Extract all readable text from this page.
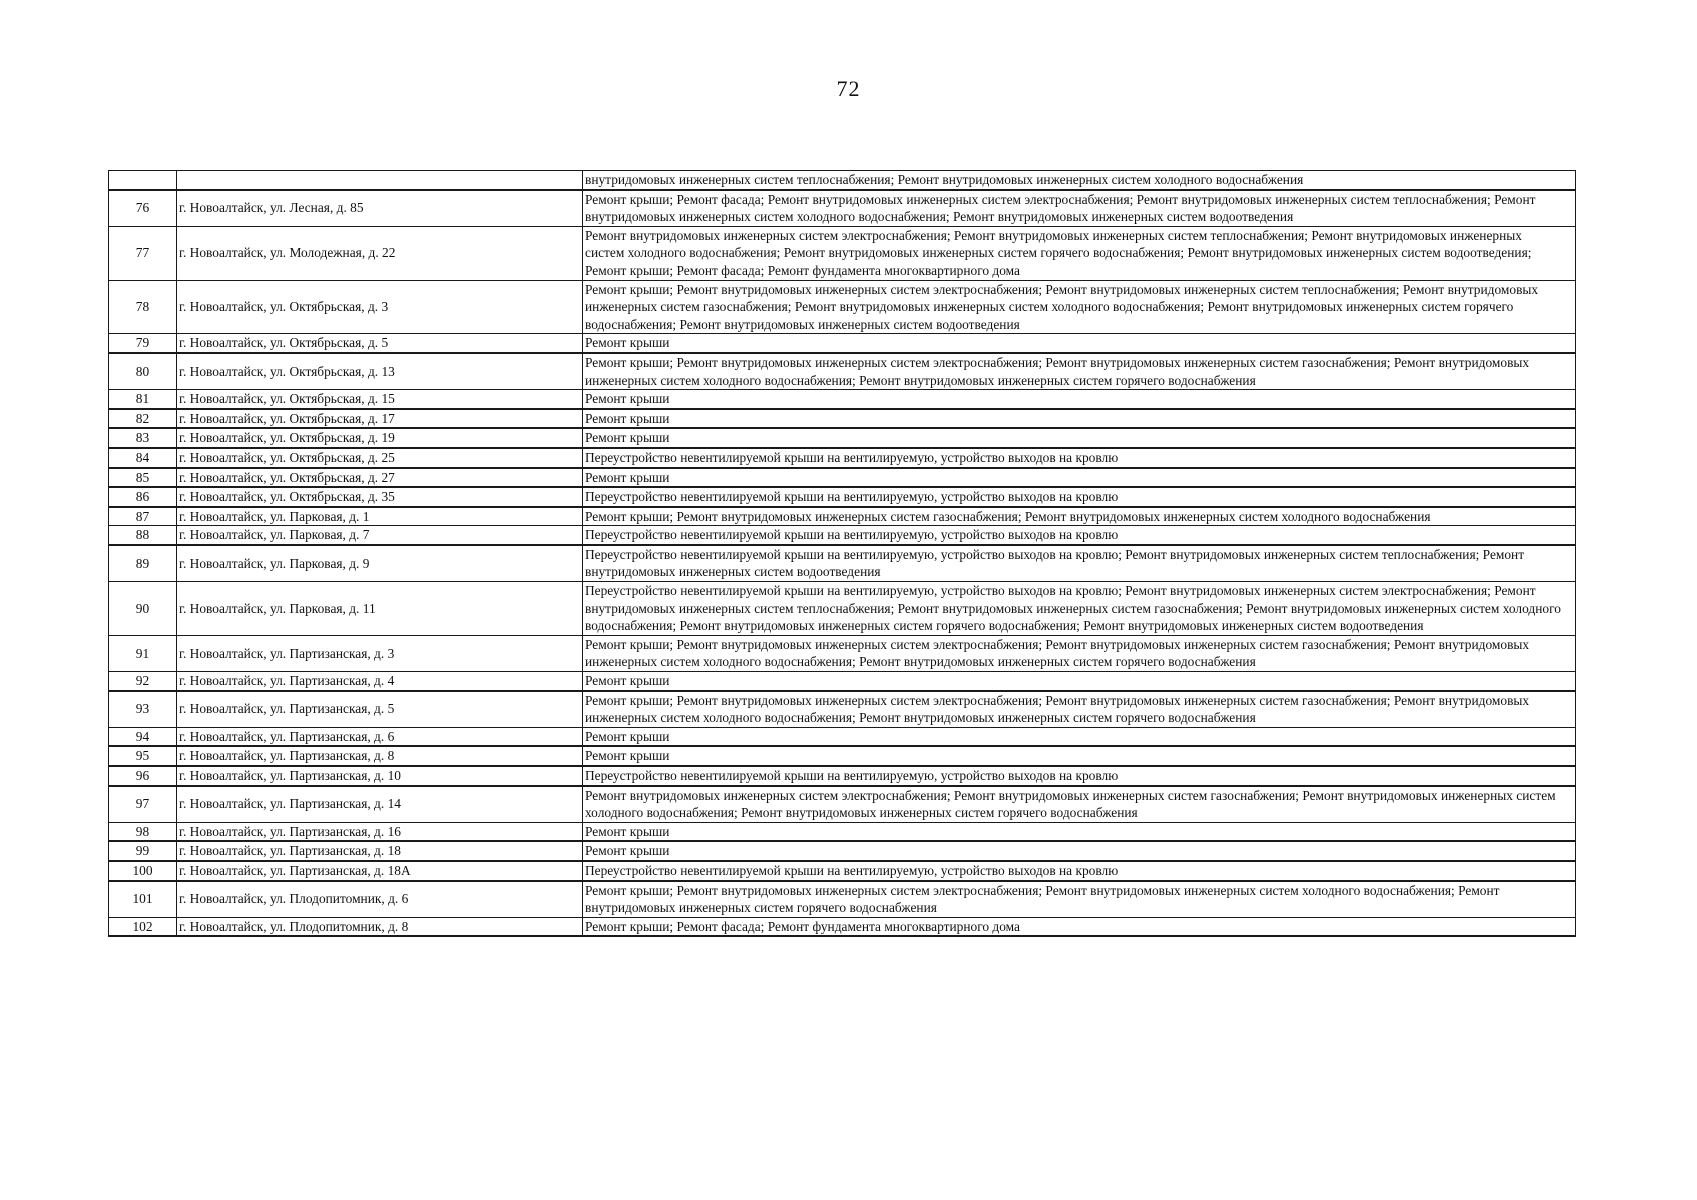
72
		внутридомовых инженерных систем теплоснабжения; Ремонт внутридомовых инженерных систем холодного водоснабжения
76	г. Новоалтайск, ул. Лесная, д. 85	Ремонт крыши; Ремонт фасада; Ремонт внутридомовых инженерных систем электроснабжения; Ремонт внутридомовых инженерных систем теплоснабжения; Ремонт внутридомовых инженерных систем холодного водоснабжения; Ремонт внутридомовых инженерных систем водоотведения
77	г. Новоалтайск, ул. Молодежная, д. 22	Ремонт внутридомовых инженерных систем электроснабжения; Ремонт внутридомовых инженерных систем теплоснабжения; Ремонт внутридомовых инженерных систем холодного водоснабжения; Ремонт внутридомовых инженерных систем горячего водоснабжения; Ремонт внутридомовых инженерных систем водоотведения; Ремонт крыши; Ремонт фасада; Ремонт фундамента многоквартирного дома
78	г. Новоалтайск, ул. Октябрьская, д. 3	Ремонт крыши; Ремонт внутридомовых инженерных систем электроснабжения; Ремонт внутридомовых инженерных систем теплоснабжения; Ремонт внутридомовых инженерных систем газоснабжения; Ремонт внутридомовых инженерных систем холодного водоснабжения; Ремонт внутридомовых инженерных систем горячего водоснабжения; Ремонт внутридомовых инженерных систем водоотведения
79	г. Новоалтайск, ул. Октябрьская, д. 5	Ремонт крыши
80	г. Новоалтайск, ул. Октябрьская, д. 13	Ремонт крыши; Ремонт внутридомовых инженерных систем электроснабжения; Ремонт внутридомовых инженерных систем газоснабжения; Ремонт внутридомовых инженерных систем холодного водоснабжения; Ремонт внутридомовых инженерных систем горячего водоснабжения
81	г. Новоалтайск, ул. Октябрьская, д. 15	Ремонт крыши
82	г. Новоалтайск, ул. Октябрьская, д. 17	Ремонт крыши
83	г. Новоалтайск, ул. Октябрьская, д. 19	Ремонт крыши
84	г. Новоалтайск, ул. Октябрьская, д. 25	Переустройство невентилируемой крыши на вентилируемую, устройство выходов на кровлю
85	г. Новоалтайск, ул. Октябрьская, д. 27	Ремонт крыши
86	г. Новоалтайск, ул. Октябрьская, д. 35	Переустройство невентилируемой крыши на вентилируемую, устройство выходов на кровлю
87	г. Новоалтайск, ул. Парковая, д. 1	Ремонт крыши; Ремонт внутридомовых инженерных систем газоснабжения; Ремонт внутридомовых инженерных систем холодного водоснабжения
88	г. Новоалтайск, ул. Парковая, д. 7	Переустройство невентилируемой крыши на вентилируемую, устройство выходов на кровлю
89	г. Новоалтайск, ул. Парковая, д. 9	Переустройство невентилируемой крыши на вентилируемую, устройство выходов на кровлю; Ремонт внутридомовых инженерных систем теплоснабжения; Ремонт внутридомовых инженерных систем водоотведения
90	г. Новоалтайск, ул. Парковая, д. 11	Переустройство невентилируемой крыши на вентилируемую, устройство выходов на кровлю; Ремонт внутридомовых инженерных систем электроснабжения; Ремонт внутридомовых инженерных систем теплоснабжения; Ремонт внутридомовых инженерных систем газоснабжения; Ремонт внутридомовых инженерных систем холодного водоснабжения; Ремонт внутридомовых инженерных систем горячего водоснабжения; Ремонт внутридомовых инженерных систем водоотведения
91	г. Новоалтайск, ул. Партизанская, д. 3	Ремонт крыши; Ремонт внутридомовых инженерных систем электроснабжения; Ремонт внутридомовых инженерных систем газоснабжения; Ремонт внутридомовых инженерных систем холодного водоснабжения; Ремонт внутридомовых инженерных систем горячего водоснабжения
92	г. Новоалтайск, ул. Партизанская, д. 4	Ремонт крыши
93	г. Новоалтайск, ул. Партизанская, д. 5	Ремонт крыши; Ремонт внутридомовых инженерных систем электроснабжения; Ремонт внутридомовых инженерных систем газоснабжения; Ремонт внутридомовых инженерных систем холодного водоснабжения; Ремонт внутридомовых инженерных систем горячего водоснабжения
94	г. Новоалтайск, ул. Партизанская, д. 6	Ремонт крыши
95	г. Новоалтайск, ул. Партизанская, д. 8	Ремонт крыши
96	г. Новоалтайск, ул. Партизанская, д. 10	Переустройство невентилируемой крыши на вентилируемую, устройство выходов на кровлю
97	г. Новоалтайск, ул. Партизанская, д. 14	Ремонт внутридомовых инженерных систем электроснабжения; Ремонт внутридомовых инженерных систем газоснабжения; Ремонт внутридомовых инженерных систем холодного водоснабжения; Ремонт внутридомовых инженерных систем горячего водоснабжения
98	г. Новоалтайск, ул. Партизанская, д. 16	Ремонт крыши
99	г. Новоалтайск, ул. Партизанская, д. 18	Ремонт крыши
100	г. Новоалтайск, ул. Партизанская, д. 18А	Переустройство невентилируемой крыши на вентилируемую, устройство выходов на кровлю
101	г. Новоалтайск, ул. Плодопитомник, д. 6	Ремонт крыши; Ремонт внутридомовых инженерных систем электроснабжения; Ремонт внутридомовых инженерных систем холодного водоснабжения; Ремонт внутридомовых инженерных систем горячего водоснабжения
102	г. Новоалтайск, ул. Плодопитомник, д. 8	Ремонт крыши; Ремонт фасада; Ремонт фундамента многоквартирного дома
